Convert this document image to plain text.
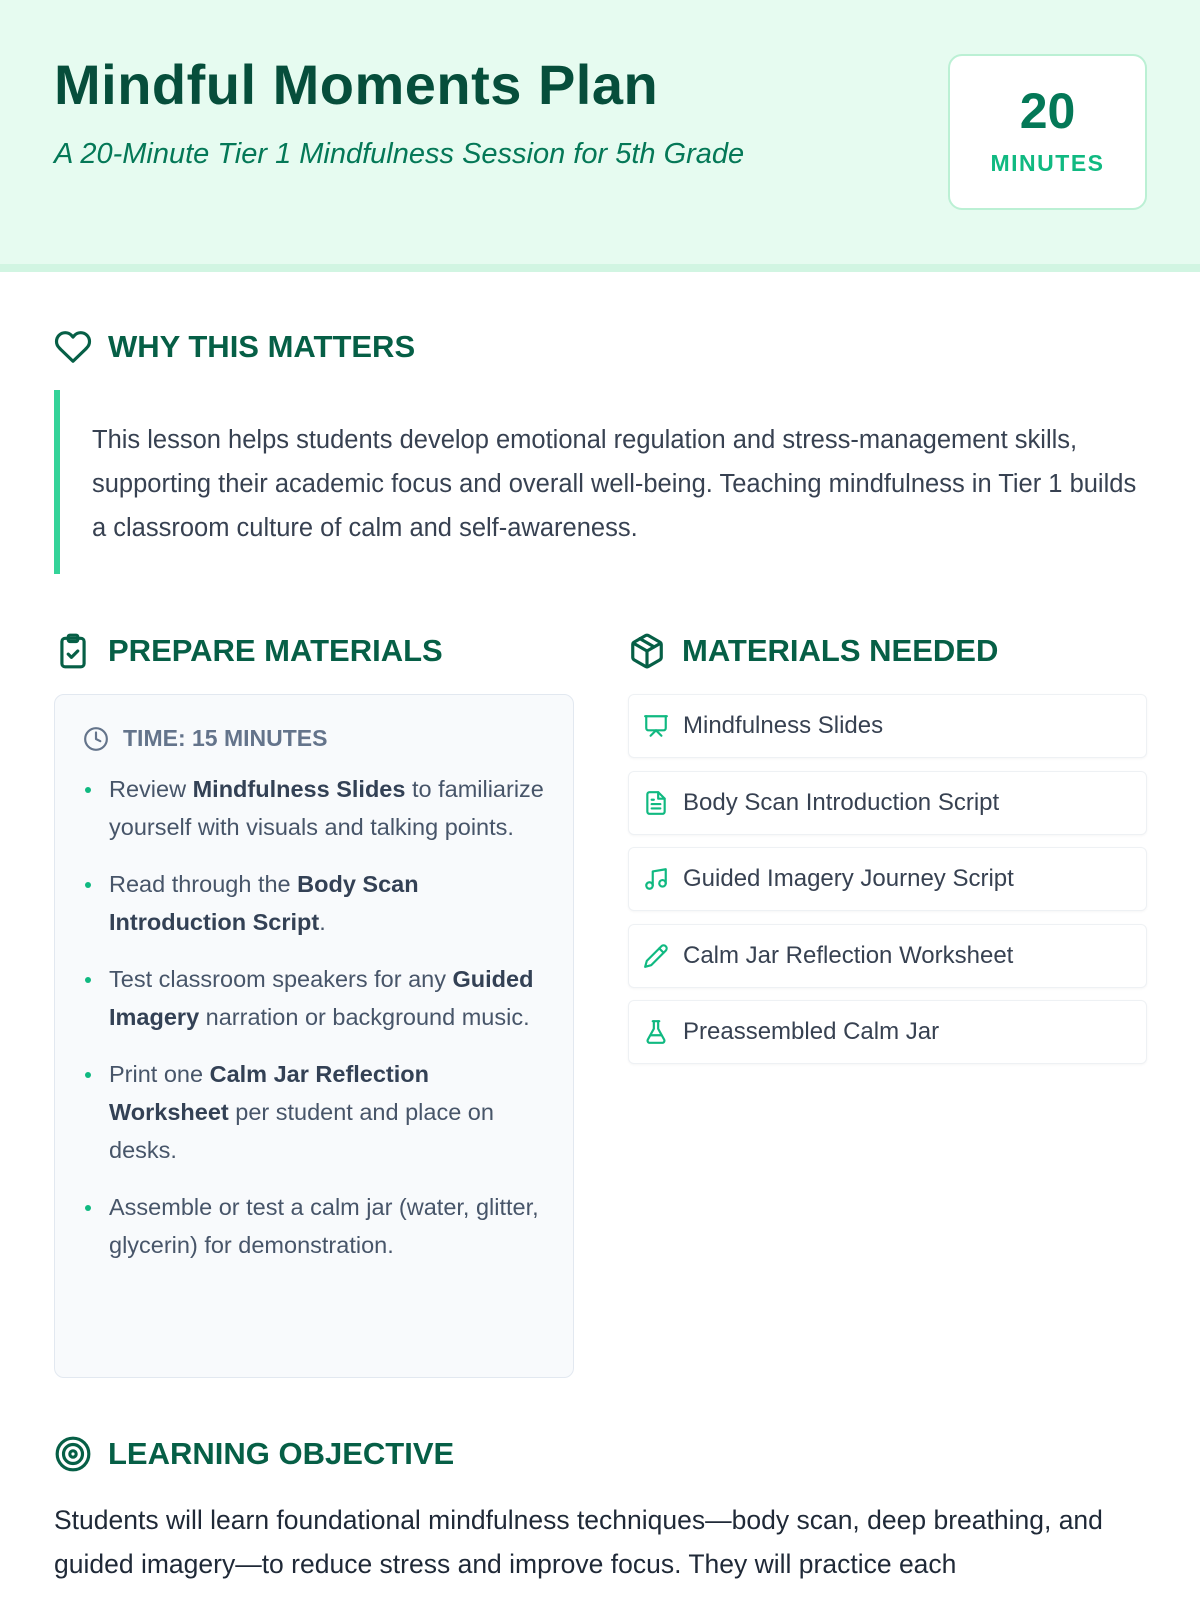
Mindful Moments Plan
A 20-Minute Tier 1 Mindfulness Session for 5th Grade
20
MINUTES
WHY THIS MATTERS

This lesson helps students develop emotional regulation and stress-management skills, supporting their academic focus and overall well-being. Teaching mindfulness in Tier 1 builds a classroom culture of calm and self-awareness.

PREPARE MATERIALS
TIME: 15 MINUTES
Review Mindfulness Slides to familiarize yourself with visuals and talking points.
Read through the Body Scan Introduction Script.
Test classroom speakers for any Guided Imagery narration or background music.
Print one Calm Jar Reflection Worksheet per student and place on desks.
Assemble or test a calm jar (water, glitter, glycerin) for demonstration.
MATERIALS NEEDED
Mindfulness Slides
Body Scan Introduction Script
Guided Imagery Journey Script
Calm Jar Reflection Worksheet
Preassembled Calm Jar
LEARNING OBJECTIVE

Students will learn foundational mindfulness techniques—body scan, deep breathing, and guided imagery—to reduce stress and improve focus. They will practice each
